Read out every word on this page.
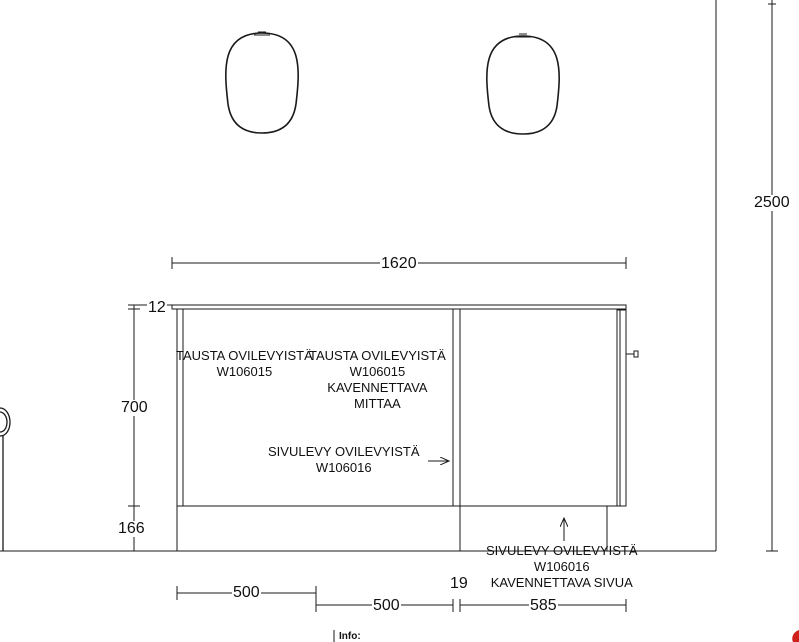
1620
2500
12
700
166
500
500
19
585
TAUSTA OVILEVYISTÄ
W106015
TAUSTA OVILEVYISTÄ
W106015
KAVENNETTAVA
MITTAA
SIVULEVY OVILEVYISTÄ
W106016
SIVULEVY OVILEVYISTÄ
W106016
KAVENNETTAVA SIVUA
Info:
